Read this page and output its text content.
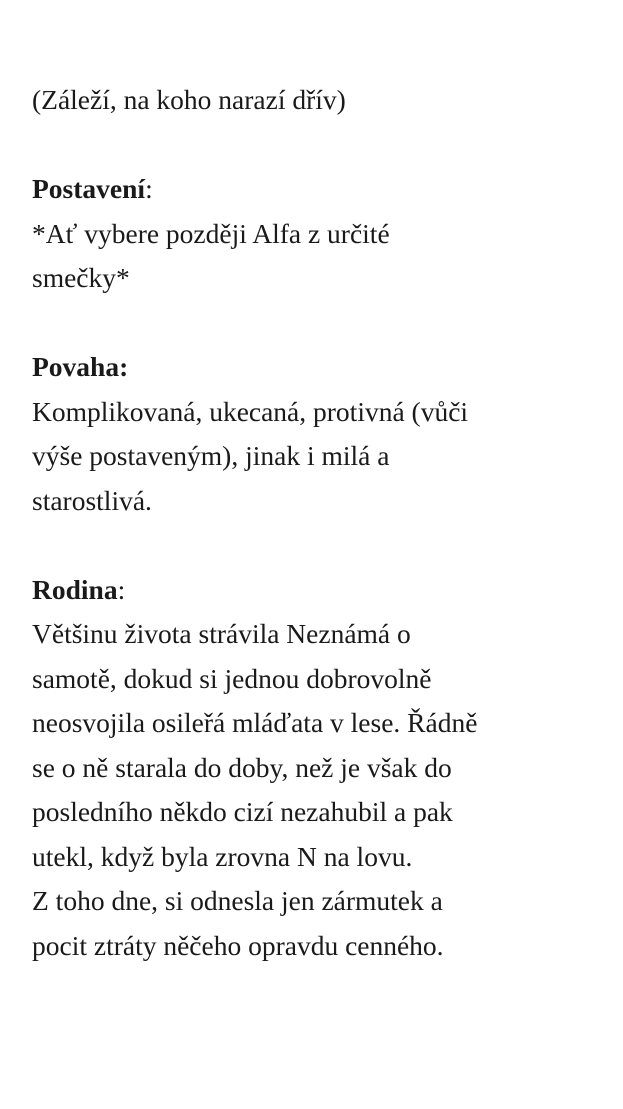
(Záleží, na koho narazí dřív)
Postavení:
*Ať vybere později Alfa z určité
smečky*
Povaha:
Komplikovaná, ukecaná, protivná (vůči
výše postaveným), jinak i milá a
starostlivá.
Rodina:
Většinu života strávila Neznámá o
samotě, dokud si jednou dobrovolně
neosvojila osileřá mláďata v lese. Řádně
se o ně starala do doby, než je však do
posledního někdo cizí nezahubil a pak
utekl, když byla zrovna N na lovu.
Z toho dne, si odnesla jen zármutek a
pocit ztráty něčeho opravdu cenného.
